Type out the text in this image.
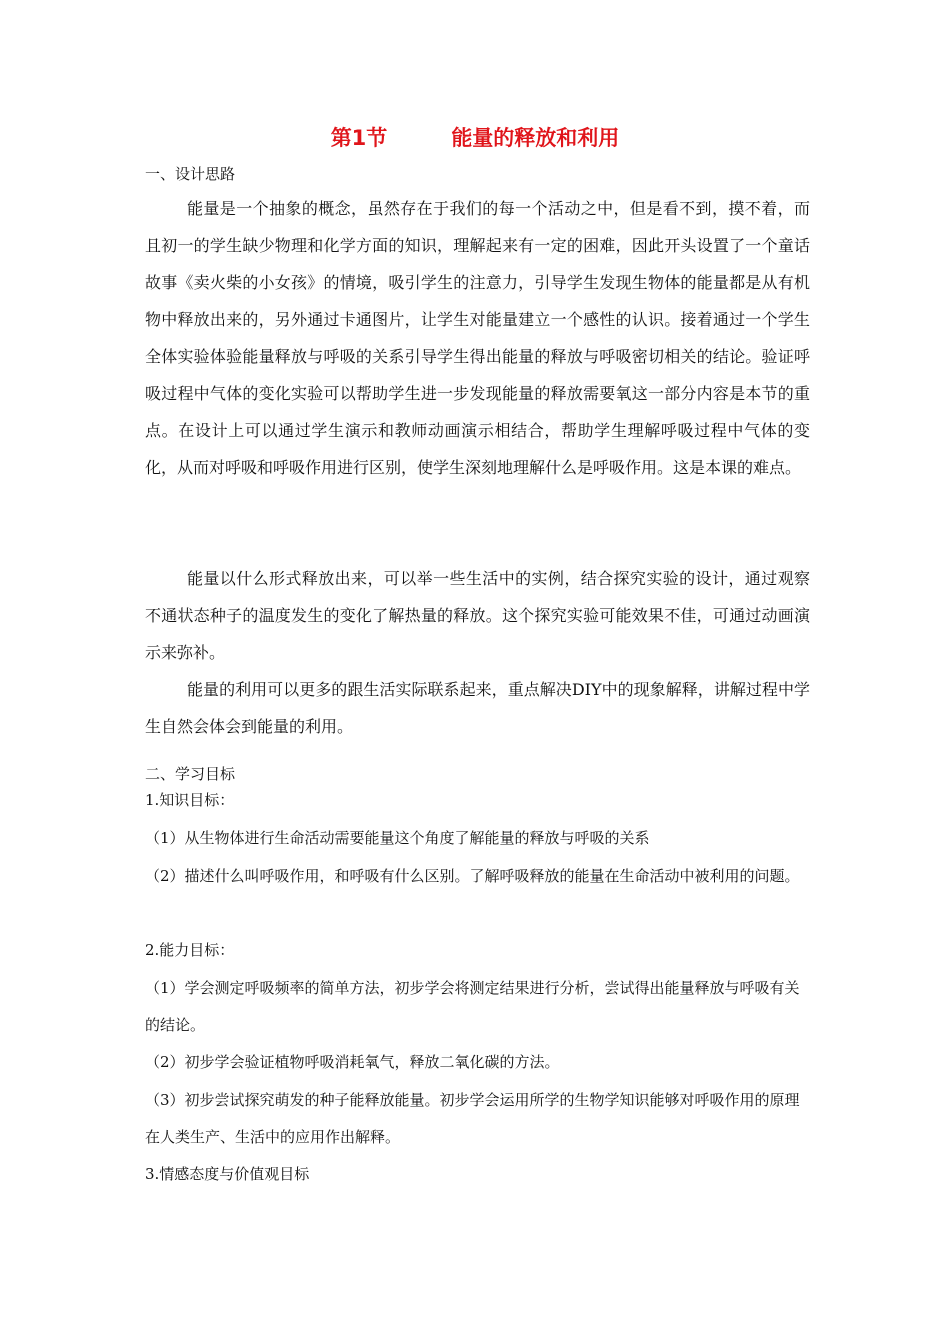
第1节	能量的释放和利用
一、设计思路

能量是一个抽象的概念，虽然存在于我们的每一个活动之中，但是看不到，摸不着，而且初一的学生缺少物理和化学方面的知识，理解起来有一定的困难，因此开头设置了一个童话故事《卖火柴的小女孩》的情境，吸引学生的注意力，引导学生发现生物体的能量都是从有机物中释放出来的，另外通过卡通图片，让学生对能量建立一个感性的认识。接着通过一个学生全体实验体验能量释放与呼吸的关系引导学生得出能量的释放与呼吸密切相关的结论。验证呼吸过程中气体的变化实验可以帮助学生进一步发现能量的释放需要氧这一部分内容是本节的重点。在设计上可以通过学生演示和教师动画演示相结合，帮助学生理解呼吸过程中气体的变化，从而对呼吸和呼吸作用进行区别，使学生深刻地理解什么是呼吸作用。这是本课的难点。

能量以什么形式释放出来，可以举一些生活中的实例，结合探究实验的设计，通过观察不通状态种子的温度发生的变化了解热量的释放。这个探究实验可能效果不佳，可通过动画演示来弥补。

能量的利用可以更多的跟生活实际联系起来，重点解决DIY中的现象解释，讲解过程中学生自然会体会到能量的利用。

二、学习目标
1.知识目标：
（1）从生物体进行生命活动需要能量这个角度了解能量的释放与呼吸的关系
（2）描述什么叫呼吸作用，和呼吸有什么区别。了解呼吸释放的能量在生命活动中被利用的问题。
2.能力目标：
（1）学会测定呼吸频率的简单方法，初步学会将测定结果进行分析，尝试得出能量释放与呼吸有关的结论。
（2）初步学会验证植物呼吸消耗氧气，释放二氧化碳的方法。
（3）初步尝试探究萌发的种子能释放能量。初步学会运用所学的生物学知识能够对呼吸作用的原理在人类生产、生活中的应用作出解释。
3.情感态度与价值观目标
